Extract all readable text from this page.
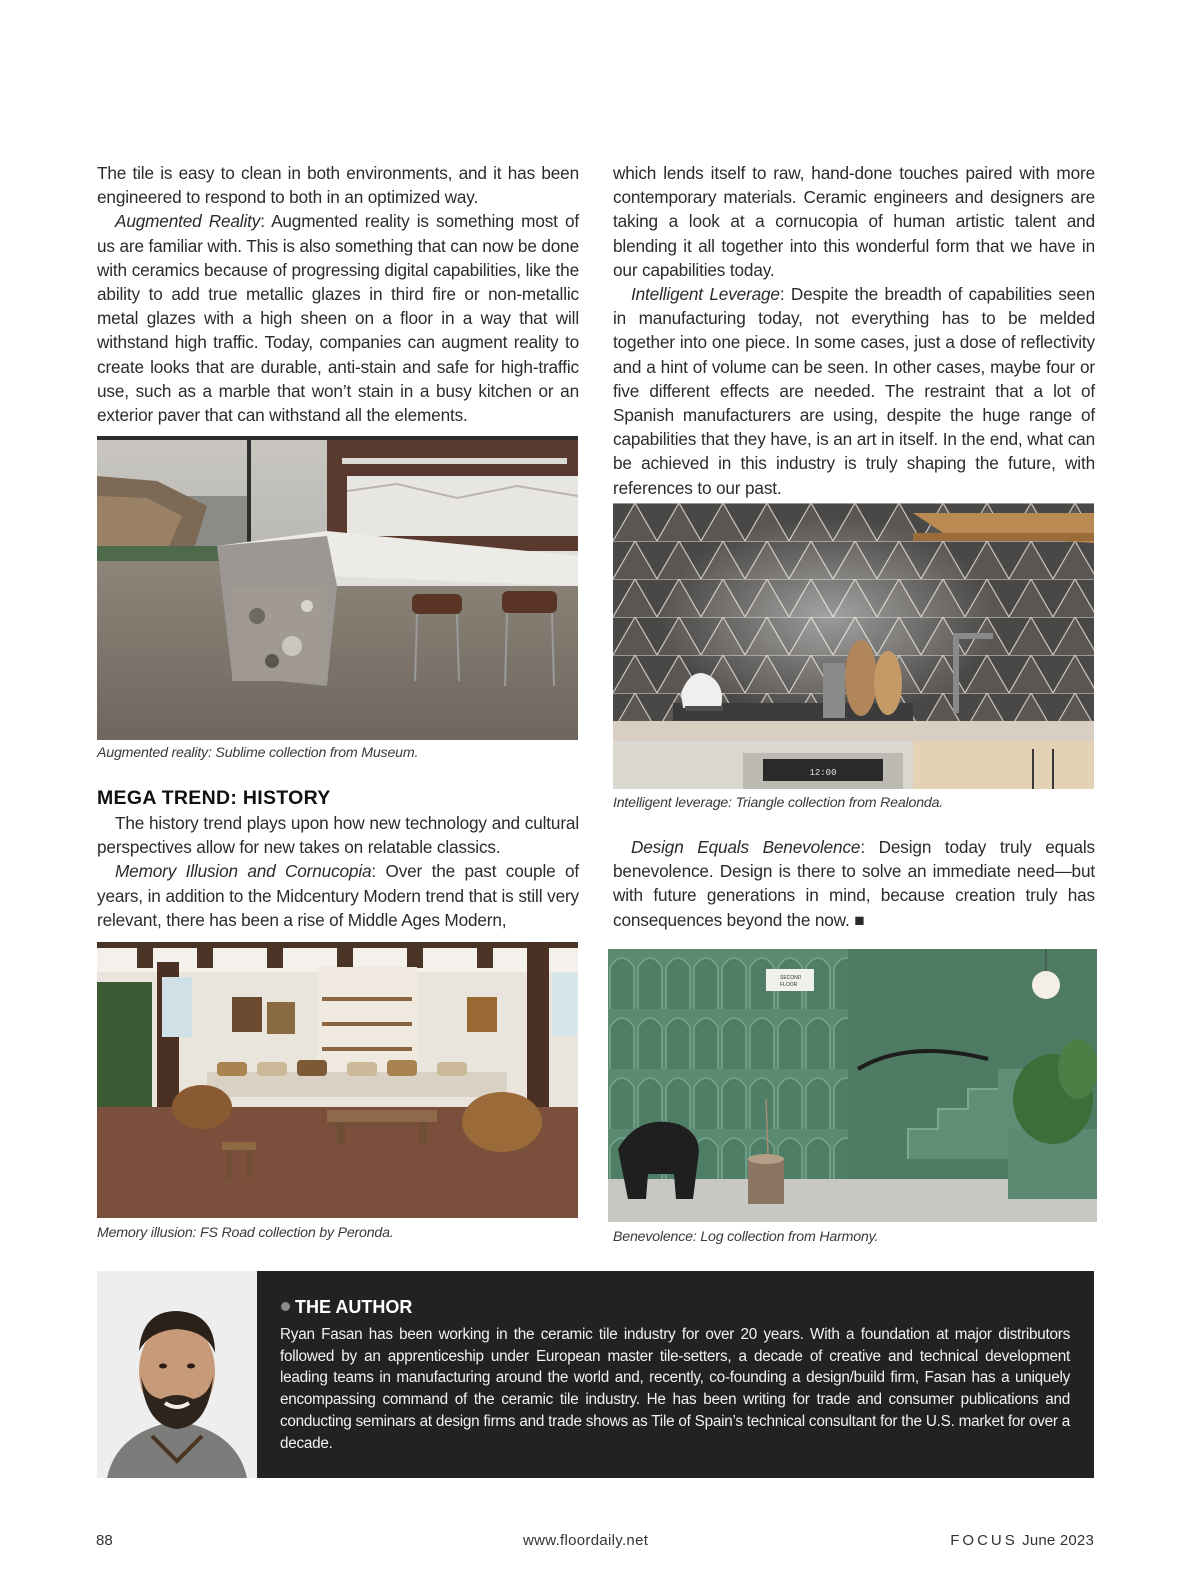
The tile is easy to clean in both environments, and it has been engineered to respond to both in an optimized way.

Augmented Reality: Augmented reality is something most of us are familiar with. This is also something that can now be done with ceramics because of progressing digital capabilities, like the ability to add true metallic glazes in third fire or non-metallic metal glazes with a high sheen on a floor in a way that will withstand high traffic. Today, companies can augment reality to create looks that are durable, anti-stain and safe for high-traffic use, such as a marble that won’t stain in a busy kitchen or an exterior paver that can withstand all the elements.

Augmented reality: Sublime collection from Museum.
MEGA TREND: HISTORY

The history trend plays upon how new technology and cultural perspectives allow for new takes on relatable classics.

Memory Illusion and Cornucopia: Over the past couple of years, in addition to the Midcentury Modern trend that is still very relevant, there has been a rise of Middle Ages Modern,

Memory illusion: FS Road collection by Peronda.

which lends itself to raw, hand-done touches paired with more contemporary materials. Ceramic engineers and designers are taking a look at a cornucopia of human artistic talent and blending it all together into this wonderful form that we have in our capabilities today.

Intelligent Leverage: Despite the breadth of capabilities seen in manufacturing today, not everything has to be melded together into one piece. In some cases, just a dose of reflectivity and a hint of volume can be seen. In other cases, maybe four or five different effects are needed. The restraint that a lot of Spanish manufacturers are using, despite the huge range of capabilities that they have, is an art in itself. In the end, what can be achieved in this industry is truly shaping the future, with references to our past.

12:00
Intelligent leverage: Triangle collection from Realonda.

Design Equals Benevolence: Design today truly equals benevolence. Design is there to solve an immediate need—but with future generations in mind, because creation truly has consequences beyond the now. ■

SECOND
FLOOR
Benevolence: Log collection from Harmony.
THE AUTHOR
Ryan Fasan has been working in the ceramic tile industry for over 20 years. With a foundation at major distributors followed by an apprenticeship under European master tile-setters, a decade of creative and technical development leading teams in manufacturing around the world and, recently, co-founding a design/build firm, Fasan has a uniquely encompassing command of the ceramic tile industry. He has been writing for trade and consumer publications and conducting seminars at design firms and trade shows as Tile of Spain’s technical consultant for the U.S. market for over a decade.
88	www.floordaily.net	FOCUS June 2023
